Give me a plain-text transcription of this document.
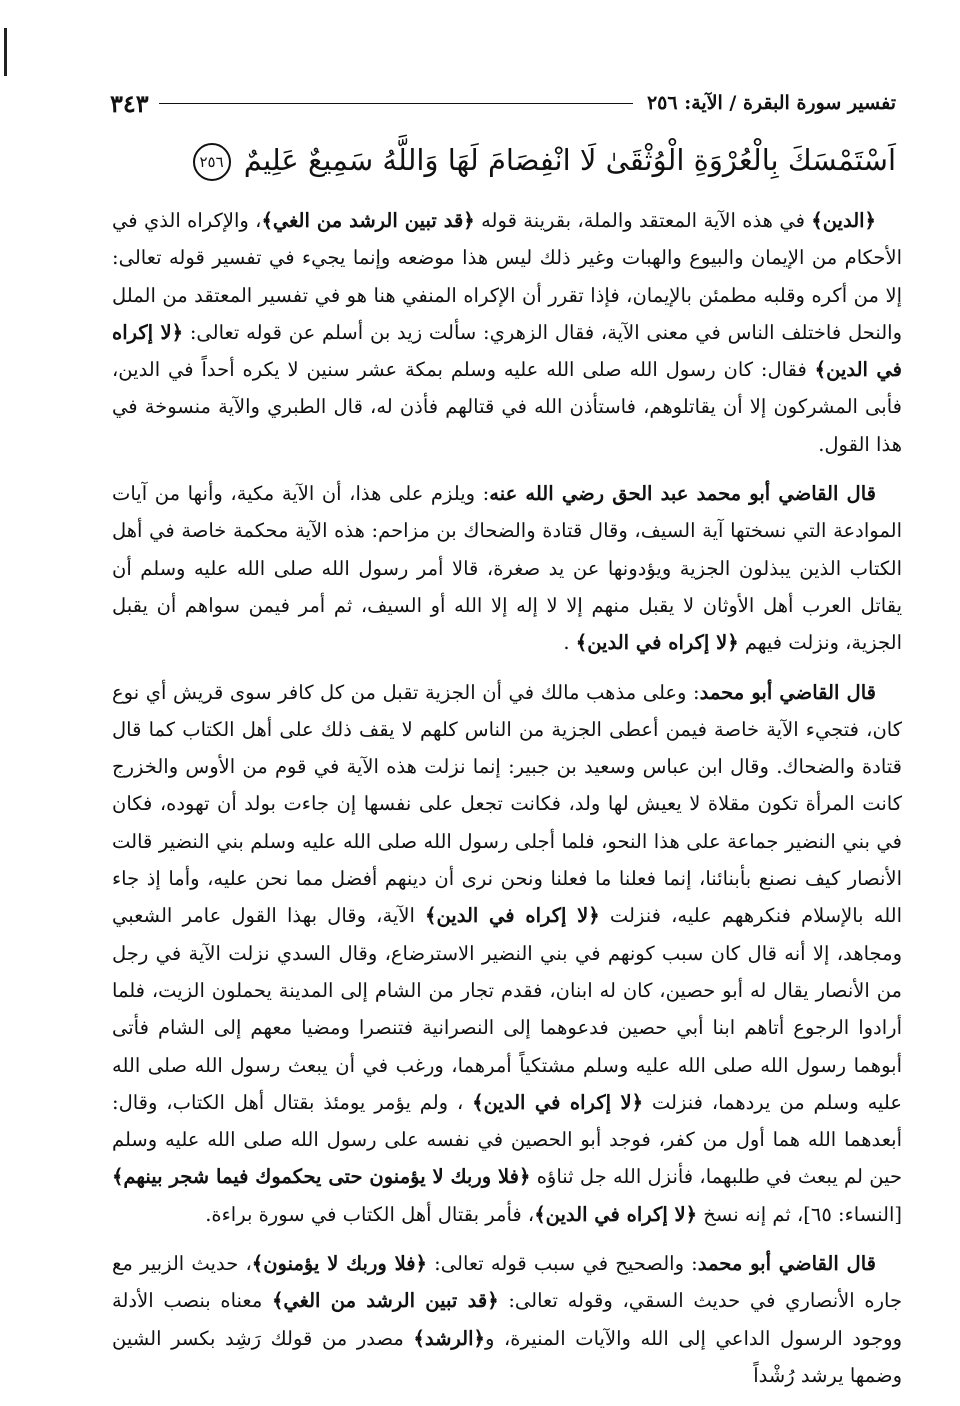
تفسير سورة البقرة / الآية: ٢٥٦
٣٤٣
اَسْتَمْسَكَ بِالْعُرْوَةِ الْوُثْقَىٰ لَا انْفِصَامَ لَهَا وَاللَّهُ سَمِيعٌ عَلِيمٌ ٢٥٦

﴿الدين﴾ في هذه الآية المعتقد والملة، بقرينة قوله ﴿قد تبين الرشد من الغي﴾، والإكراه الذي في الأحكام من الإيمان والبيوع والهبات وغير ذلك ليس هذا موضعه وإنما يجيء في تفسير قوله تعالى: إلا من أكره وقلبه مطمئن بالإيمان، فإذا تقرر أن الإكراه المنفي هنا هو في تفسير المعتقد من الملل والنحل فاختلف الناس في معنى الآية، فقال الزهري: سألت زيد بن أسلم عن قوله تعالى: ﴿لا إكراه في الدين﴾ فقال: كان رسول الله صلى الله عليه وسلم بمكة عشر سنين لا يكره أحداً في الدين، فأبى المشركون إلا أن يقاتلوهم، فاستأذن الله في قتالهم فأذن له، قال الطبري والآية منسوخة في هذا القول.

قال القاضي أبو محمد عبد الحق رضي الله عنه: ويلزم على هذا، أن الآية مكية، وأنها من آيات الموادعة التي نسختها آية السيف، وقال قتادة والضحاك بن مزاحم: هذه الآية محكمة خاصة في أهل الكتاب الذين يبذلون الجزية ويؤدونها عن يد صغرة، قالا أمر رسول الله صلى الله عليه وسلم أن يقاتل العرب أهل الأوثان لا يقبل منهم إلا لا إله إلا الله أو السيف، ثم أمر فيمن سواهم أن يقبل الجزية، ونزلت فيهم ﴿لا إكراه في الدين﴾ .

قال القاضي أبو محمد: وعلى مذهب مالك في أن الجزية تقبل من كل كافر سوى قريش أي نوع كان، فتجيء الآية خاصة فيمن أعطى الجزية من الناس كلهم لا يقف ذلك على أهل الكتاب كما قال قتادة والضحاك. وقال ابن عباس وسعيد بن جبير: إنما نزلت هذه الآية في قوم من الأوس والخزرج كانت المرأة تكون مقلاة لا يعيش لها ولد، فكانت تجعل على نفسها إن جاءت بولد أن تهوده، فكان في بني النضير جماعة على هذا النحو، فلما أجلى رسول الله صلى الله عليه وسلم بني النضير قالت الأنصار كيف نصنع بأبنائنا، إنما فعلنا ما فعلنا ونحن نرى أن دينهم أفضل مما نحن عليه، وأما إذ جاء الله بالإسلام فنكرههم عليه، فنزلت ﴿لا إكراه في الدين﴾ الآية، وقال بهذا القول عامر الشعبي ومجاهد، إلا أنه قال كان سبب كونهم في بني النضير الاسترضاع، وقال السدي نزلت الآية في رجل من الأنصار يقال له أبو حصين، كان له ابنان، فقدم تجار من الشام إلى المدينة يحملون الزيت، فلما أرادوا الرجوع أتاهم ابنا أبي حصين فدعوهما إلى النصرانية فتنصرا ومضيا معهم إلى الشام فأتى أبوهما رسول الله صلى الله عليه وسلم مشتكياً أمرهما، ورغب في أن يبعث رسول الله صلى الله عليه وسلم من يردهما، فنزلت ﴿لا إكراه في الدين﴾ ، ولم يؤمر يومئذ بقتال أهل الكتاب، وقال: أبعدهما الله هما أول من كفر، فوجد أبو الحصين في نفسه على رسول الله صلى الله عليه وسلم حين لم يبعث في طلبهما، فأنزل الله جل ثناؤه ﴿فلا وربك لا يؤمنون حتى يحكموك فيما شجر بينهم﴾ [النساء: ٦٥]، ثم إنه نسخ ﴿لا إكراه في الدين﴾، فأمر بقتال أهل الكتاب في سورة براءة.

قال القاضي أبو محمد: والصحيح في سبب قوله تعالى: ﴿فلا وربك لا يؤمنون﴾، حديث الزبير مع جاره الأنصاري في حديث السقي، وقوله تعالى: ﴿قد تبين الرشد من الغي﴾ معناه بنصب الأدلة ووجود الرسول الداعي إلى الله والآيات المنيرة، و﴿الرشد﴾ مصدر من قولك رَشِد بكسر الشين وضمها يرشد رُشْداً
